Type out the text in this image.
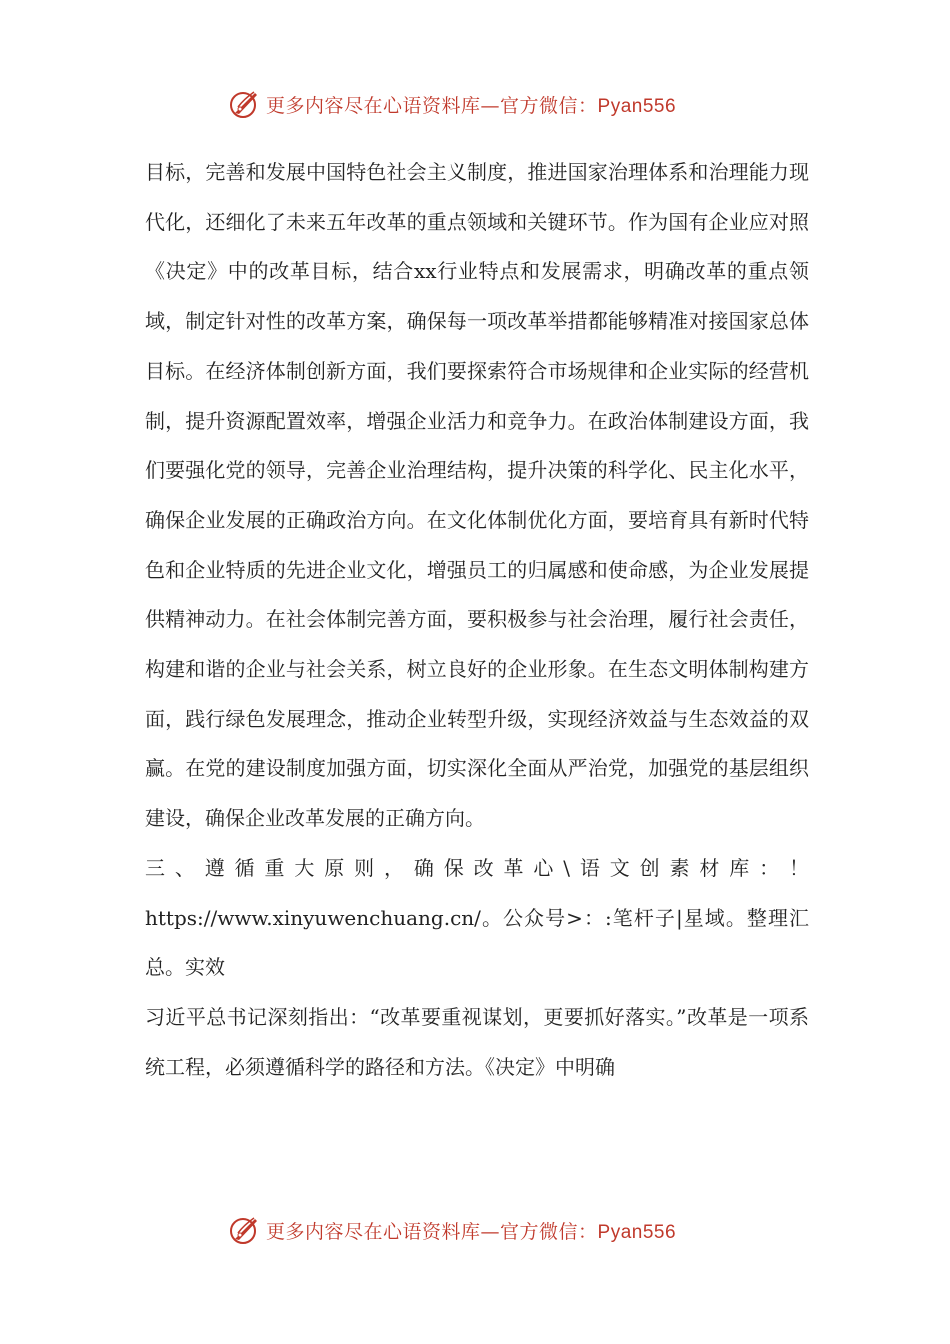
更多内容尽在心语资料库—官方微信：Pyan556

目标，完善和发展中国特色社会主义制度，推进国家治理体系和治理能力现代化，还细化了未来五年改革的重点领域和关键环节。作为国有企业应对照《决定》中的改革目标，结合xx行业特点和发展需求，明确改革的重点领域，制定针对性的改革方案，确保每一项改革举措都能够精准对接国家总体目标。在经济体制创新方面，我们要探索符合市场规律和企业实际的经营机制，提升资源配置效率，增强企业活力和竞争力。在政治体制建设方面，我们要强化党的领导，完善企业治理结构，提升决策的科学化、民主化水平，确保企业发展的正确政治方向。在文化体制优化方面，要培育具有新时代特色和企业特质的先进企业文化，增强员工的归属感和使命感，为企业发展提供精神动力。在社会体制完善方面，要积极参与社会治理，履行社会责任，构建和谐的企业与社会关系，树立良好的企业形象。在生态文明体制构建方面，践行绿色发展理念，推动企业转型升级，实现经济效益与生态效益的双赢。在党的建设制度加强方面，切实深化全面从严治党，加强党的基层组织建设，确保企业改革发展的正确方向。

三、遵循重大原则，确保改革心\语文创素材库：！https://www.xinyuwenchuang.cn/。公众号>：:笔杆子|星域。整理汇总。实效

习近平总书记深刻指出：“改革要重视谋划，更要抓好落实。”改革是一项系统工程，必须遵循科学的路径和方法。《决定》中明确

更多内容尽在心语资料库—官方微信：Pyan556
